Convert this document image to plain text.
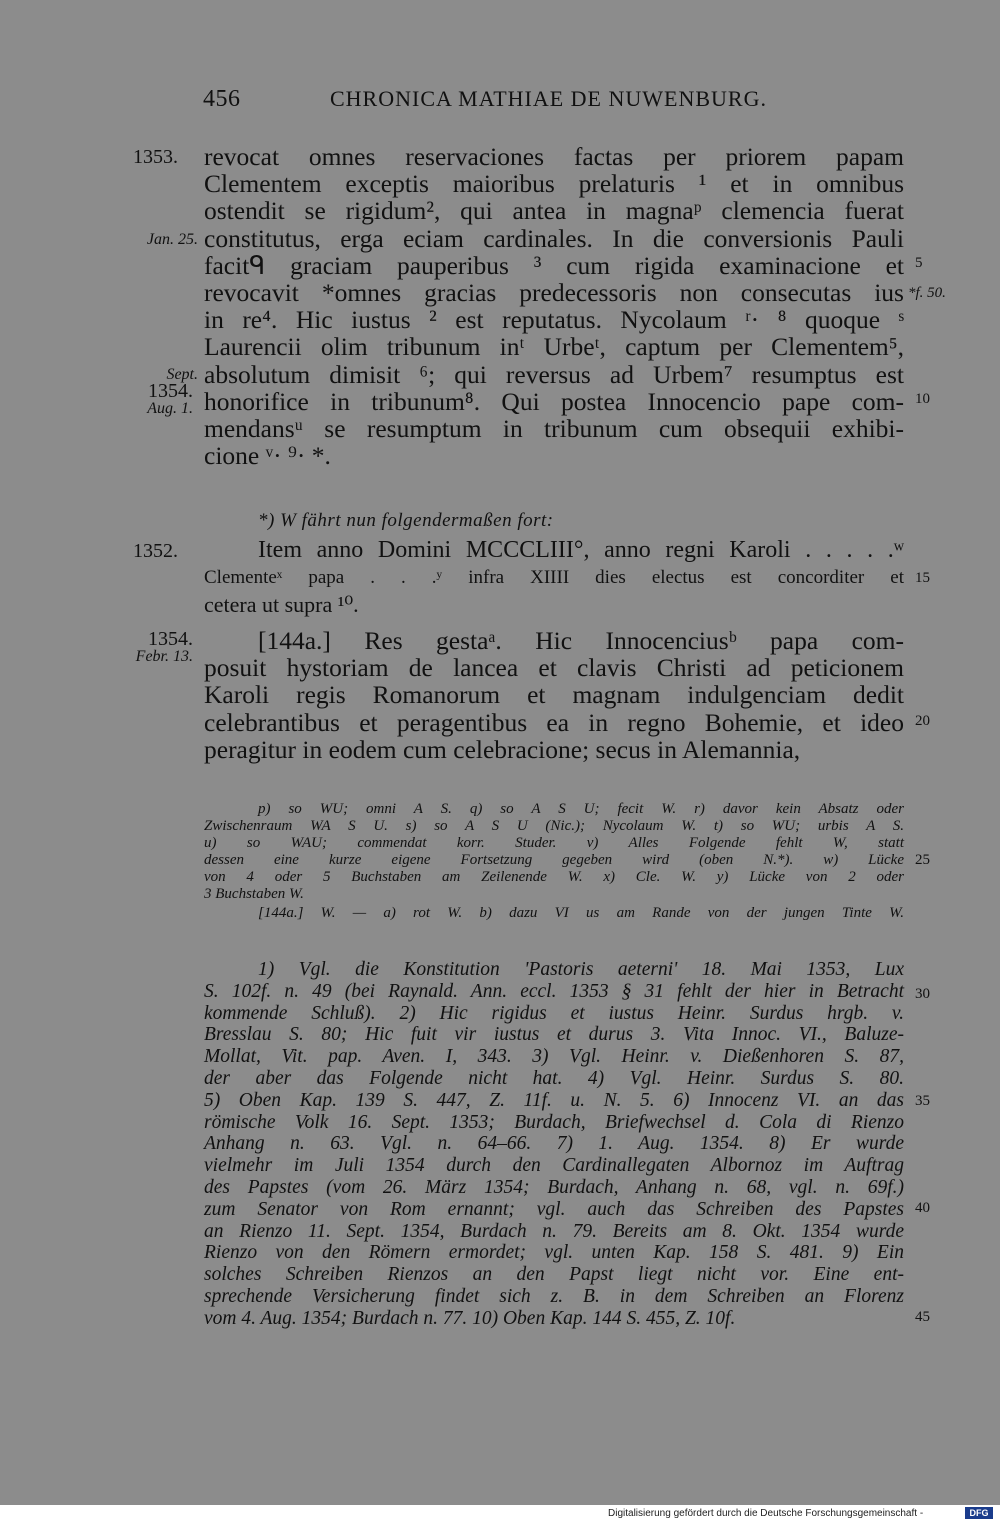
456	CHRONICA MATHIAE DE NUWENBURG.
1353.
Jan. 25.
Sept.
1354.
Aug. 1.
1352.
1354.
Febr. 13.
5
*f. 50.
10
15
20
25
30
35
40
45
revocat omnes reservaciones factas per priorem papam
Clementem exceptis maioribus prelaturis ¹ et in omnibus
ostendit se rigidum², qui antea in magnaᵖ clemencia fuerat
constitutus, erga eciam cardinales. In die conversionis Pauli
facitᑫ graciam pauperibus ³ cum rigida examinacione et
revocavit *omnes gracias predecessoris non consecutas ius
in re⁴. Hic iustus ² est reputatus. Nycolaum ʳ· ⁸ quoque ˢ
Laurencii olim tribunum inᵗ Urbeᵗ, captum per Clementem⁵,
absolutum dimisit ⁶; qui reversus ad Urbem⁷ resumptus est
honorifice in tribunum⁸. Qui postea Innocencio pape com-
mendansᵘ se resumptum in tribunum cum obsequii exhibi-
cione ᵛ· ⁹· *.
*) W fährt nun folgendermaßen fort:
Item anno Domini MCCCLIII°, anno regni Karoli . . . . .ʷ
Clementeˣ papa . . .ʸ infra XIIII dies electus est concorditer et
cetera ut supra ¹⁰.
[144a.] Res gestaᵃ. Hic Innocenciusᵇ papa com-
posuit hystoriam de lancea et clavis Christi ad peticionem
Karoli regis Romanorum et magnam indulgenciam dedit
celebrantibus et peragentibus ea in regno Bohemie, et ideo
peragitur in eodem cum celebracione; secus in Alemannia,
p) so WU; omni A S. q) so A S U; fecit W. r) davor kein Absatz oder
Zwischenraum WA S U. s) so A S U (Nic.); Nycolaum W. t) so WU; urbis A S.
u) so WAU; commendat korr. Studer. v) Alles Folgende fehlt W, statt
dessen eine kurze eigene Fortsetzung gegeben wird (oben N.*). w) Lücke
von 4 oder 5 Buchstaben am Zeilenende W. x) Cle. W. y) Lücke von 2 oder
3 Buchstaben W.
[144a.] W. — a) rot W. b) dazu VI us am Rande von der jungen Tinte W.
1) Vgl. die Konstitution 'Pastoris aeterni' 18. Mai 1353, Lux
S. 102f. n. 49 (bei Raynald. Ann. eccl. 1353 § 31 fehlt der hier in Betracht
kommende Schluß). 2) Hic rigidus et iustus Heinr. Surdus hrgb. v.
Bresslau S. 80; Hic fuit vir iustus et durus 3. Vita Innoc. VI., Baluze-
Mollat, Vit. pap. Aven. I, 343. 3) Vgl. Heinr. v. Dießenhoren S. 87,
der aber das Folgende nicht hat. 4) Vgl. Heinr. Surdus S. 80.
5) Oben Kap. 139 S. 447, Z. 11f. u. N. 5. 6) Innocenz VI. an das
römische Volk 16. Sept. 1353; Burdach, Briefwechsel d. Cola di Rienzo
Anhang n. 63. Vgl. n. 64–66. 7) 1. Aug. 1354. 8) Er wurde
vielmehr im Juli 1354 durch den Cardinallegaten Albornoz im Auftrag
des Papstes (vom 26. März 1354; Burdach, Anhang n. 68, vgl. n. 69f.)
zum Senator von Rom ernannt; vgl. auch das Schreiben des Papstes
an Rienzo 11. Sept. 1354, Burdach n. 79. Bereits am 8. Okt. 1354 wurde
Rienzo von den Römern ermordet; vgl. unten Kap. 158 S. 481. 9) Ein
solches Schreiben Rienzos an den Papst liegt nicht vor. Eine ent-
sprechende Versicherung findet sich z. B. in dem Schreiben an Florenz
vom 4. Aug. 1354; Burdach n. 77. 10) Oben Kap. 144 S. 455, Z. 10f.
Digitalisierung gefördert durch die Deutsche Forschungsgemeinschaft -	DFG
